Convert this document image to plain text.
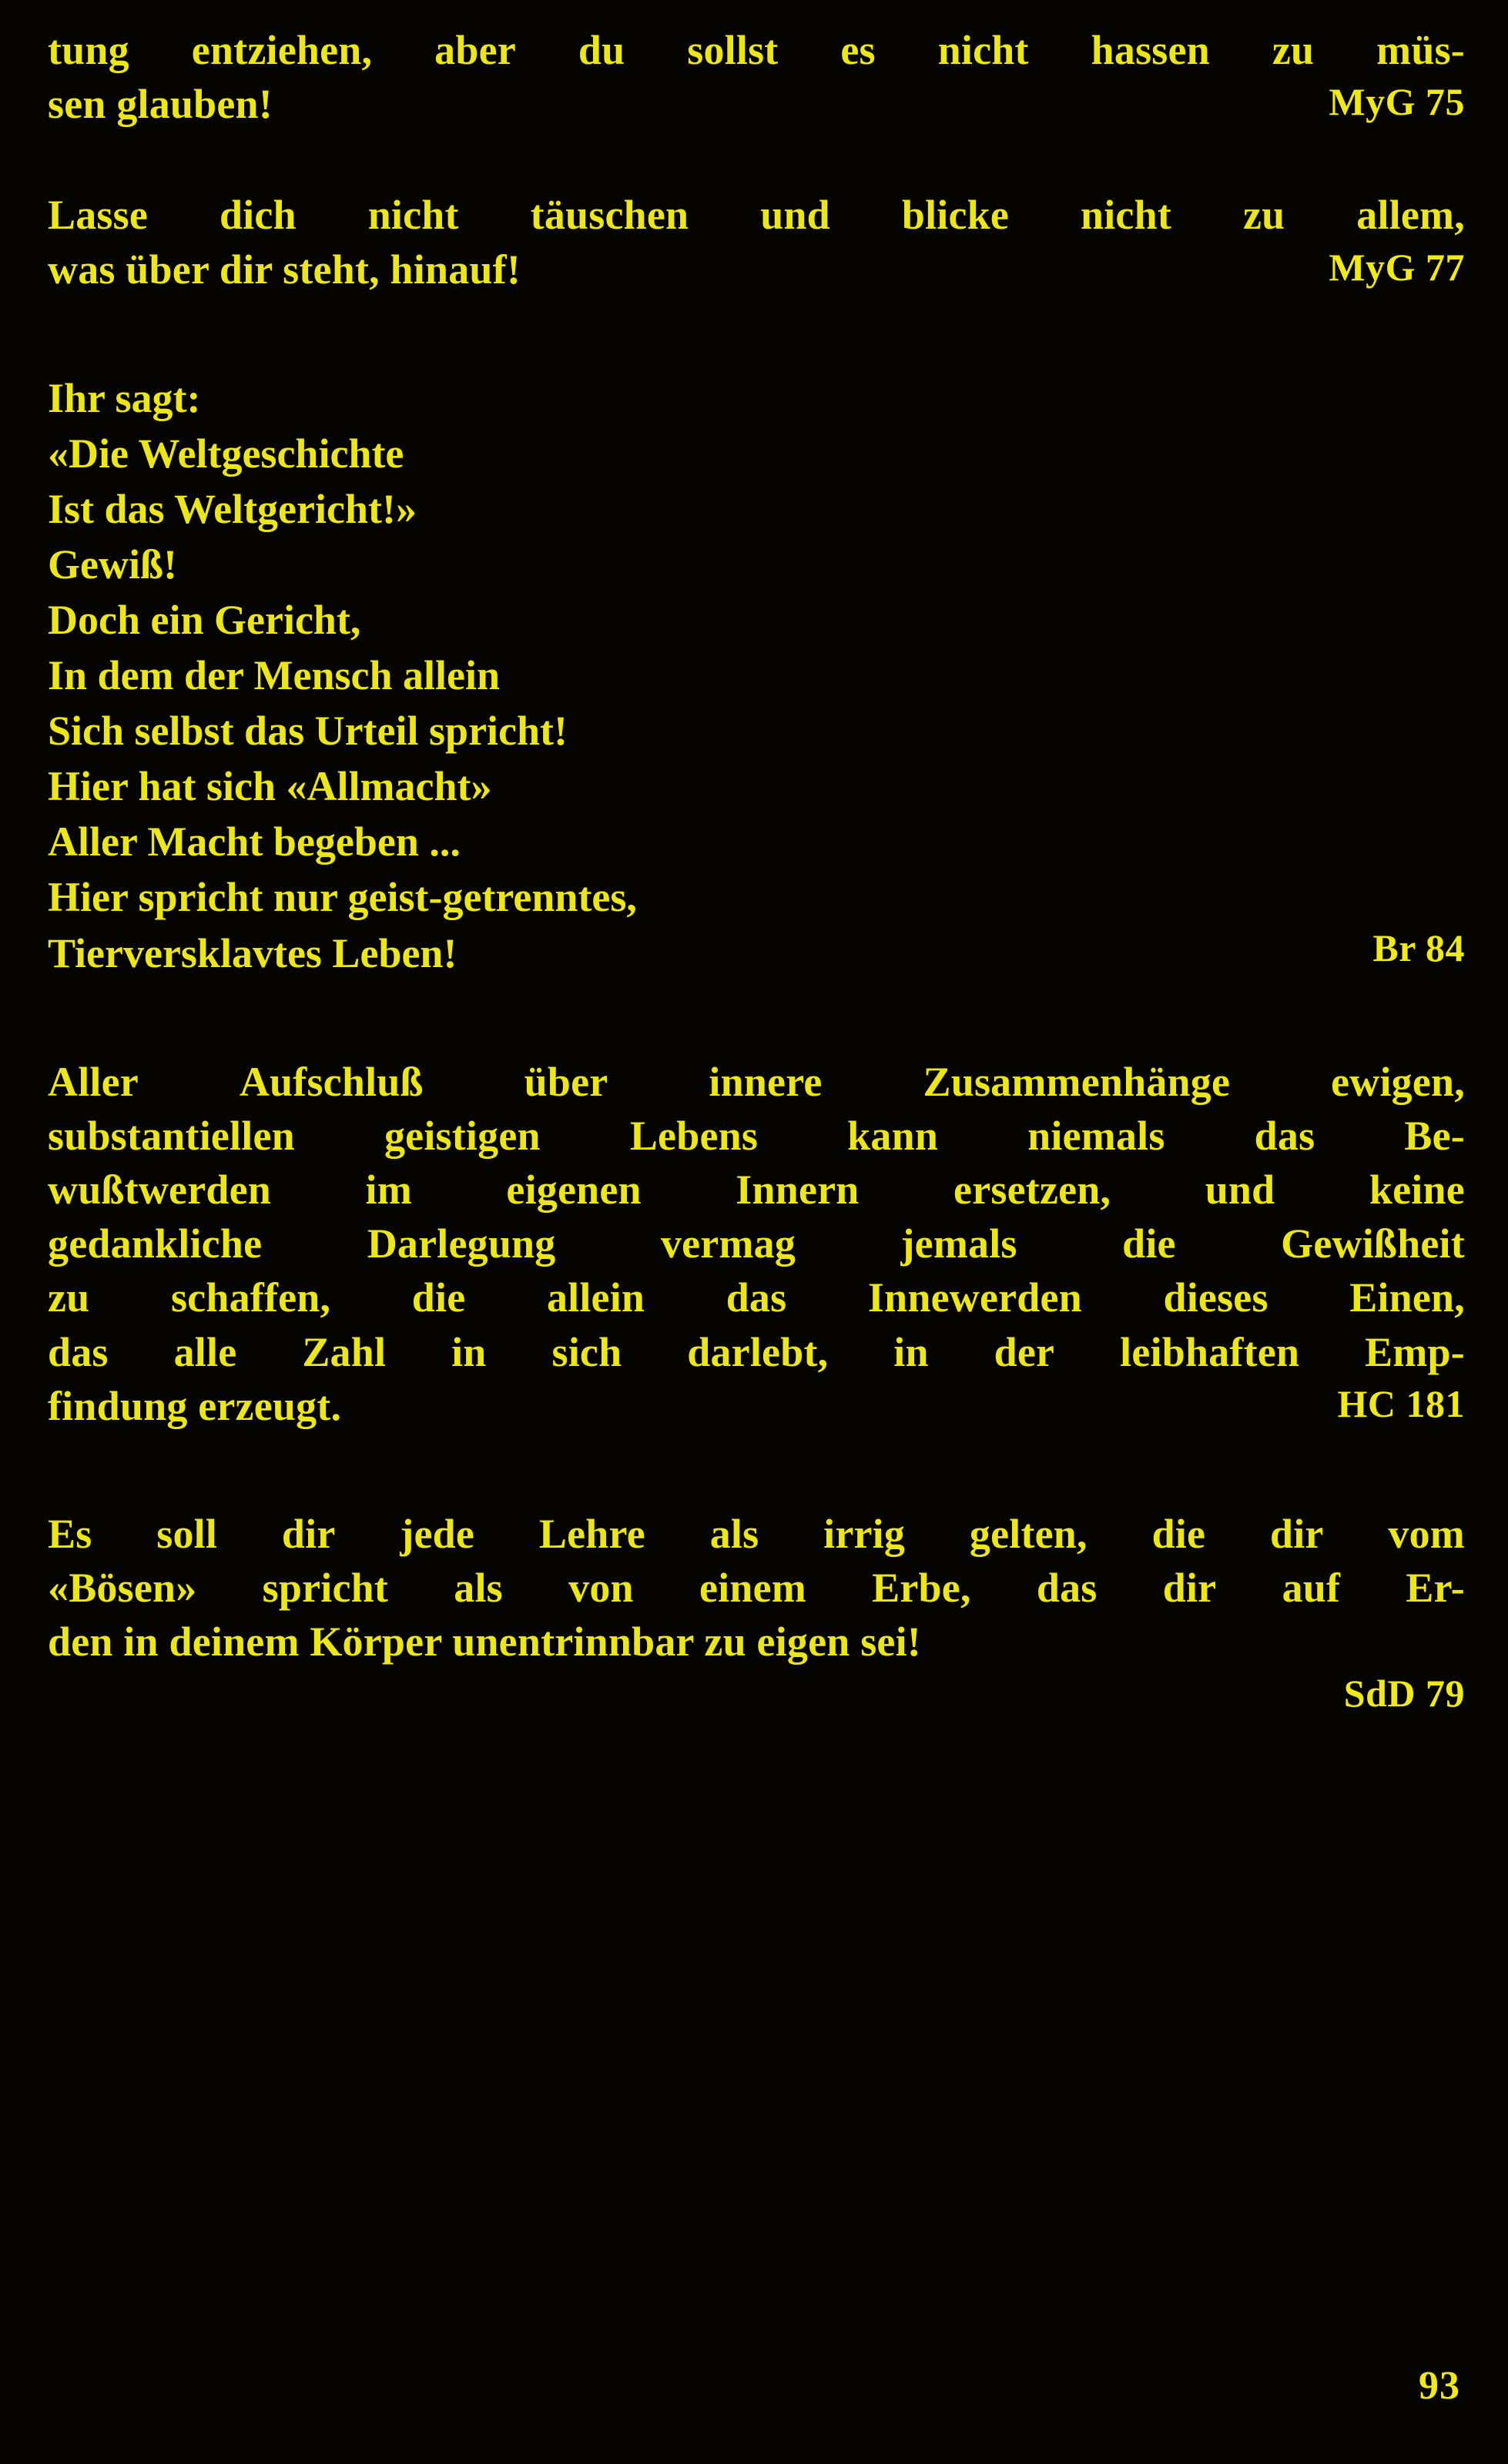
tung entziehen, aber du sollst es nicht hassen zu müs-
sen glauben!	MyG 75
Lasse dich nicht täuschen und blicke nicht zu allem,
was über dir steht, hinauf!	MyG 77
Ihr sagt:
«Die Weltgeschichte
Ist das Weltgericht!»
Gewiß!
Doch ein Gericht,
In dem der Mensch allein
Sich selbst das Urteil spricht!
Hier hat sich «Allmacht»
Aller Macht begeben ...
Hier spricht nur geist-getrenntes,
Tierversklavtes Leben!	Br 84
Aller Aufschluß über innere Zusammenhänge ewigen,
substantiellen geistigen Lebens kann niemals das Be-
wußtwerden im eigenen Innern ersetzen, und keine
gedankliche	Darlegung	vermag	jemals	die	Gewißheit
zu schaffen, die allein das Innewerden dieses Einen,
das alle Zahl in sich darlebt, in der leibhaften Emp-
findung erzeugt.	HC 181
Es soll dir jede Lehre als irrig gelten, die dir vom
«Bösen» spricht als von einem Erbe, das dir auf Er-
den in deinem Körper unentrinnbar zu eigen sei!
SdD 79
93
